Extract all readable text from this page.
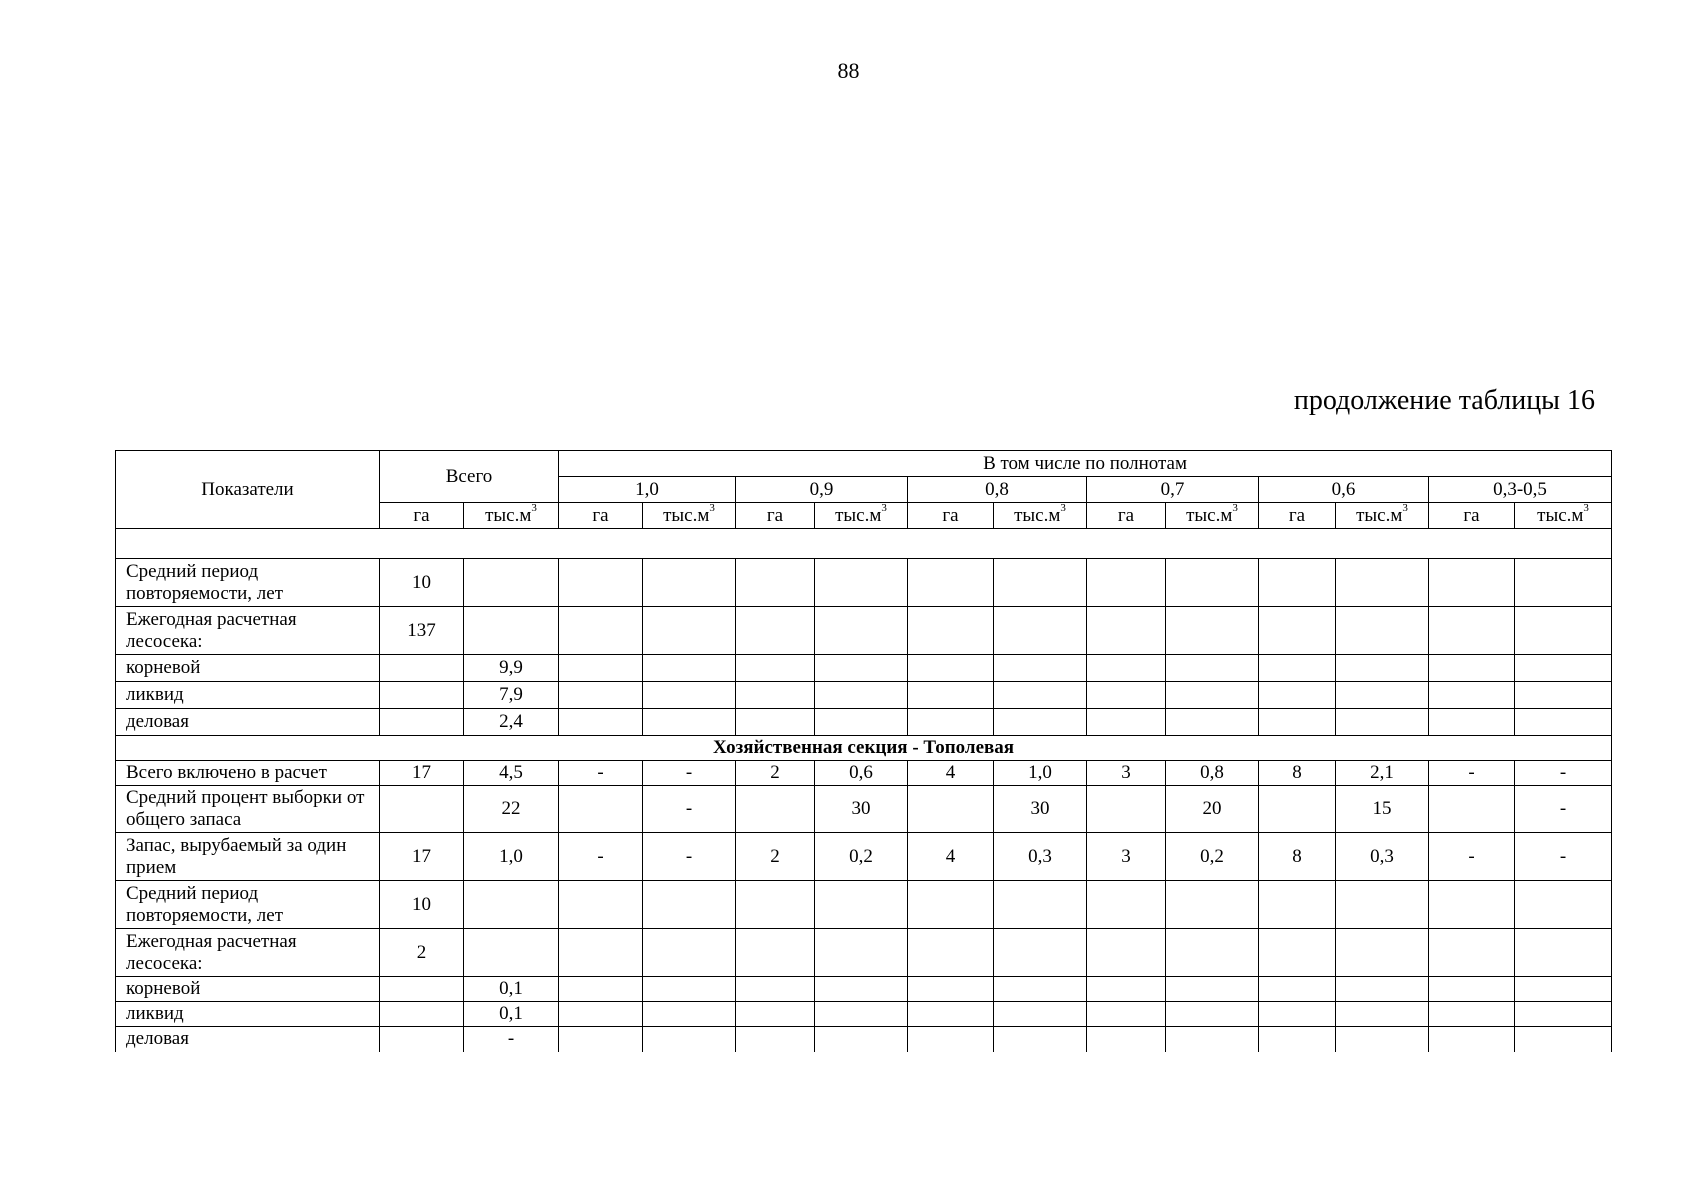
88
продолжение таблицы 16
Показатели	Всего		В том числе по полнотам											
			1,0		0,9		0,8		0,7		0,6		0,3-0,5	
	га	$тыс.м^3$	га	$тыс.м^3$	га	$тыс.м^3$	га	$тыс.м^3$	га	$тыс.м^3$	га	$тыс.м^3$	га	$тыс.м^3$

Средний период повторяемости, лет	10													
Ежегодная расчетная лесосека:	137													
корневой		9,9												
ликвид		7,9												
деловая		2,4												
Хозяйственная секция - Тополевая														
Всего включено в расчет	17	4,5	-	-	2	0,6	4	1,0	3	0,8	8	2,1	-	-
Средний процент выборки от общего запаса		22		-		30		30		20		15		-
Запас, вырубаемый за один прием	17	1,0	-	-	2	0,2	4	0,3	3	0,2	8	0,3	-	-
Средний период повторяемости, лет	10													
Ежегодная расчетная лесосека:	2													
корневой		0,1												
ликвид		0,1												
деловая		-												
